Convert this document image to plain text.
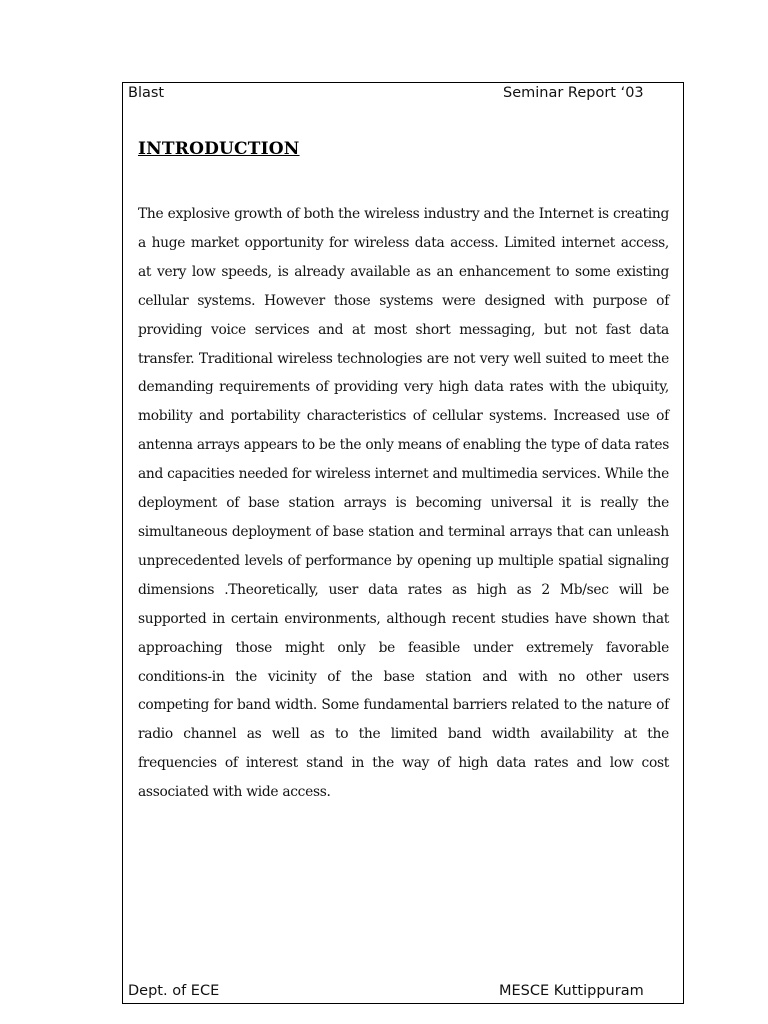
Blast	Seminar Report ‘03
INTRODUCTION

The explosive growth of both the wireless industry and the Internet is creating a huge market opportunity for wireless data access. Limited internet access, at very low speeds, is already available as an enhancement to some existing cellular systems. However those systems were designed with purpose of providing voice services and at most short messaging, but not fast data transfer. Traditional wireless technologies are not very well suited to meet the demanding requirements of providing very high data rates with the ubiquity, mobility and portability characteristics of cellular systems. Increased use of antenna arrays appears to be the only means of enabling the type of data rates and capacities needed for wireless internet and multimedia services. While the deployment of base station arrays is becoming universal it is really the simultaneous deployment of base station and terminal arrays that can unleash unprecedented levels of performance by opening up multiple spatial signaling dimensions .Theoretically, user data rates as high as 2 Mb/sec will be supported in certain environments, although recent studies have shown that approaching those might only be feasible under extremely favorable conditions-in the vicinity of the base station and with no other users competing for band width. Some fundamental barriers related to the nature of radio channel as well as to the limited band width availability at the frequencies of interest stand in the way of high data rates and low cost associated with wide access.

Dept. of ECE	MESCE Kuttippuram
